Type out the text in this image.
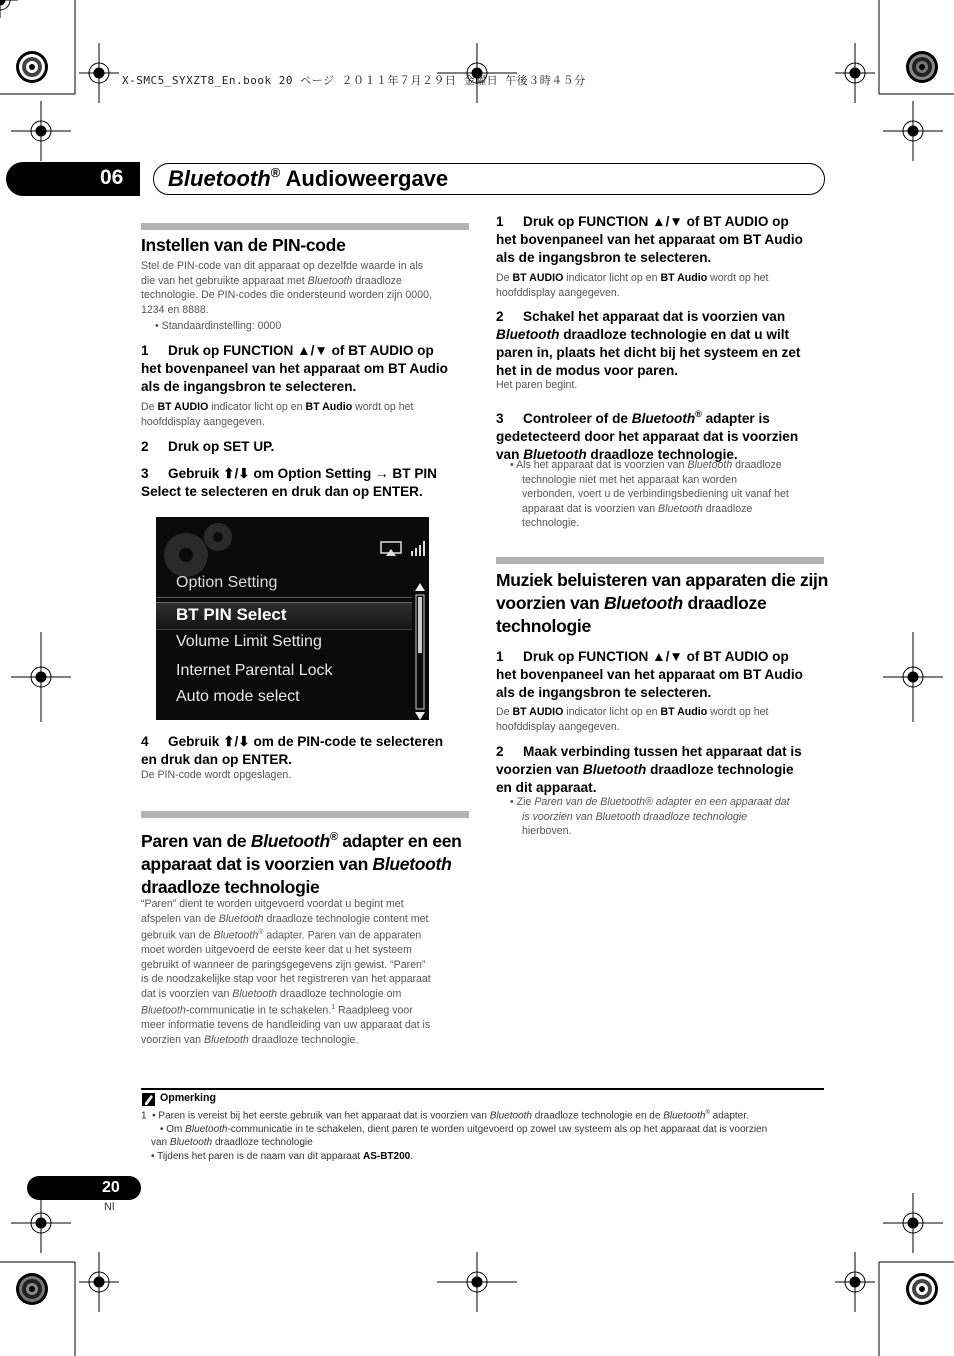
X-SMC5_SYXZT8_En.book 20 ページ ２０１１年７月２９日 金曜日 午後３時４５分
06 Bluetooth® Audioweergave
Instellen van de PIN-code
Stel de PIN-code van dit apparaat op dezelfde waarde in als
die van het gebruikte apparaat met Bluetooth draadloze
technologie. De PIN-codes die ondersteund worden zijn 0000,
1234 en 8888.
• Standaardinstelling: 0000
1 Druk op FUNCTION ▲/▼ of BT AUDIO op
het bovenpaneel van het apparaat om BT Audio
als de ingangsbron te selecteren.
De BT AUDIO indicator licht op en BT Audio wordt op het
hoofddisplay aangegeven.
2 Druk op SET UP.
3 Gebruik ⬆/⬇ om Option Setting → BT PIN
Select te selecteren en druk dan op ENTER.
Option Setting
BT PIN Select
Volume Limit Setting
Internet Parental Lock
Auto mode select
4 Gebruik ⬆/⬇ om de PIN-code te selecteren
en druk dan op ENTER.
De PIN-code wordt opgeslagen.
Paren van de Bluetooth® adapter en een
apparaat dat is voorzien van Bluetooth
draadloze technologie
“Paren” dient te worden uitgevoerd voordat u begint met
afspelen van de Bluetooth draadloze technologie content met
gebruik van de Bluetooth® adapter. Paren van de apparaten
moet worden uitgevoerd de eerste keer dat u het systeem
gebruikt of wanneer de paringsgegevens zijn gewist. “Paren”
is de noodzakelijke stap voor het registreren van het apparaat
dat is voorzien van Bluetooth draadloze technologie om
Bluetooth-communicatie in te schakelen.$^1$ Raadpleeg voor
meer informatie tevens de handleiding van uw apparaat dat is
voorzien van Bluetooth draadloze technologie.
1 Druk op FUNCTION ▲/▼ of BT AUDIO op
het bovenpaneel van het apparaat om BT Audio
als de ingangsbron te selecteren.
De BT AUDIO indicator licht op en BT Audio wordt op het
hoofddisplay aangegeven.
2 Schakel het apparaat dat is voorzien van
Bluetooth draadloze technologie en dat u wilt
paren in, plaats het dicht bij het systeem en zet
het in de modus voor paren.
Het paren begint.
3 Controleer of de Bluetooth® adapter is
gedetecteerd door het apparaat dat is voorzien
van Bluetooth draadloze technologie.
• Als het apparaat dat is voorzien van Bluetooth draadloze
technologie niet met het apparaat kan worden
verbonden, voert u de verbindingsbediening uit vanaf het
apparaat dat is voorzien van Bluetooth draadloze
technologie.
Muziek beluisteren van apparaten die zijn
voorzien van Bluetooth draadloze
technologie
1 Druk op FUNCTION ▲/▼ of BT AUDIO op
het bovenpaneel van het apparaat om BT Audio
als de ingangsbron te selecteren.
De BT AUDIO indicator licht op en BT Audio wordt op het
hoofddisplay aangegeven.
2 Maak verbinding tussen het apparaat dat is
voorzien van Bluetooth draadloze technologie
en dit apparaat.
• Zie Paren van de Bluetooth® adapter en een apparaat dat
is voorzien van Bluetooth draadloze technologie
hierboven.
Opmerking
1 • Paren is vereist bij het eerste gebruik van het apparaat dat is voorzien van Bluetooth draadloze technologie en de Bluetooth® adapter.
• Om Bluetooth-communicatie in te schakelen, dient paren te worden uitgevoerd op zowel uw systeem als op het apparaat dat is voorzien
van Bluetooth draadloze technologie
• Tijdens het paren is de naam van dit apparaat AS-BT200.
20
Nl
